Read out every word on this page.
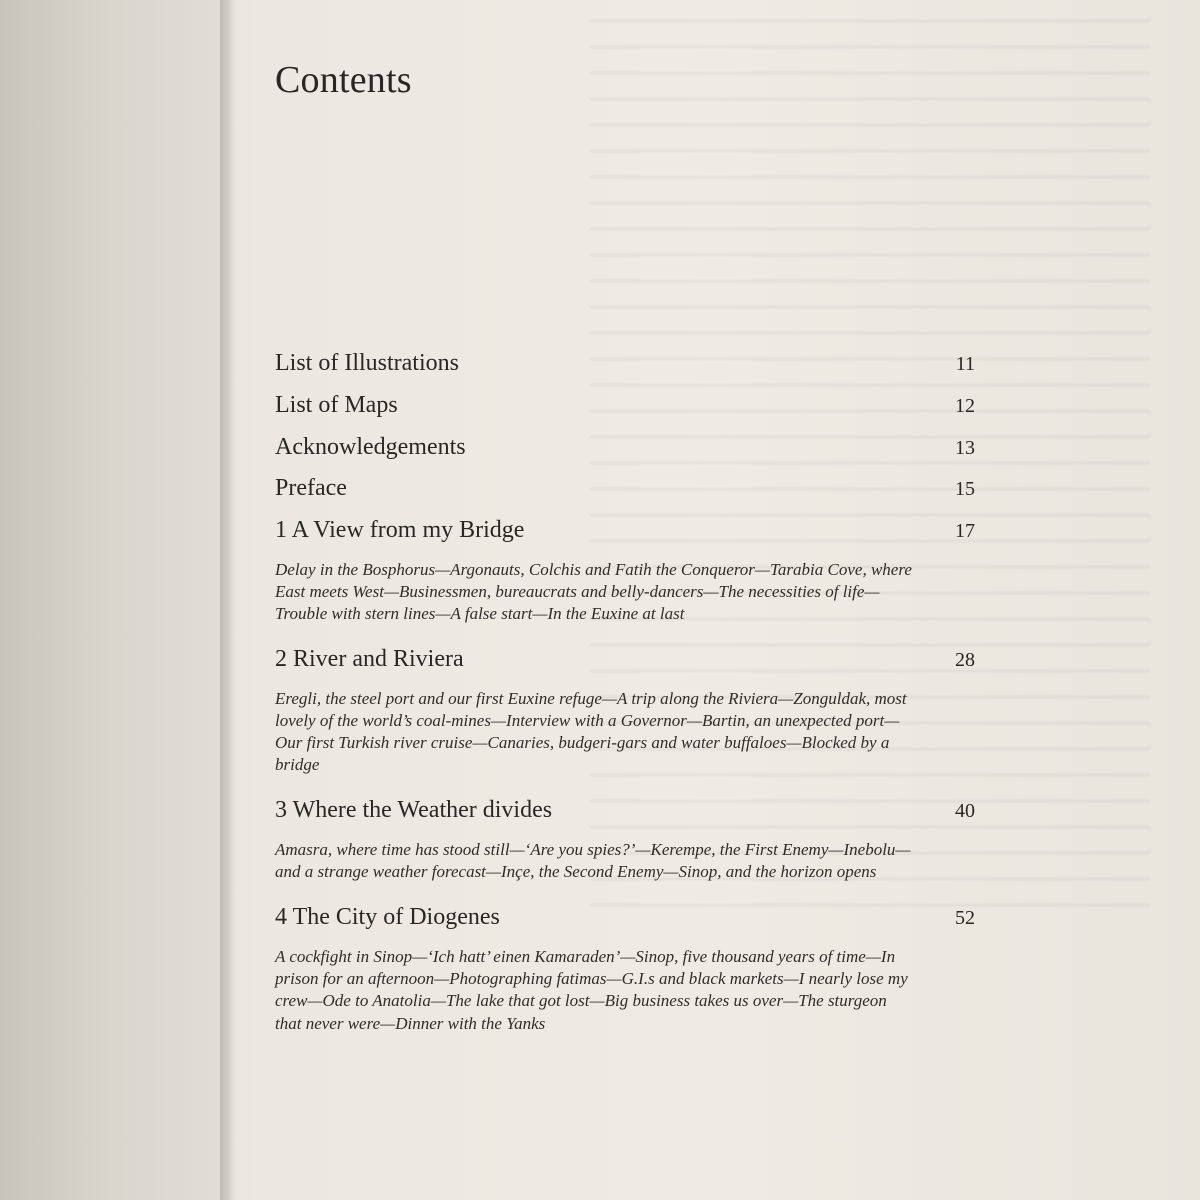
Contents
List of Illustrations	11
List of Maps	12
Acknowledgements	13
Preface	15
1 A View from my Bridge	17
Delay in the Bosphorus—Argonauts, Colchis and Fatih the Conqueror—Tarabia Cove, where East meets West—Businessmen, bureaucrats and belly-dancers—The necessities of life—Trouble with stern lines—A false start—In the Euxine at last
2 River and Riviera	28
Eregli, the steel port and our first Euxine refuge—A trip along the Riviera—Zonguldak, most lovely of the world’s coal-mines—Interview with a Governor—Bartin, an unexpected port—Our first Turkish river cruise—Canaries, budgeri-gars and water buffaloes—Blocked by a bridge
3 Where the Weather divides	40
Amasra, where time has stood still—‘Are you spies?’—Kerempe, the First Enemy—Inebolu—and a strange weather forecast—Inçe, the Second Enemy—Sinop, and the horizon opens
4 The City of Diogenes	52
A cockfight in Sinop—‘Ich hatt’ einen Kamaraden’—Sinop, five thousand years of time—In prison for an afternoon—Photographing fatimas—G.I.s and black markets—I nearly lose my crew—Ode to Anatolia—The lake that got lost—Big business takes us over—The sturgeon that never were—Dinner with the Yanks
